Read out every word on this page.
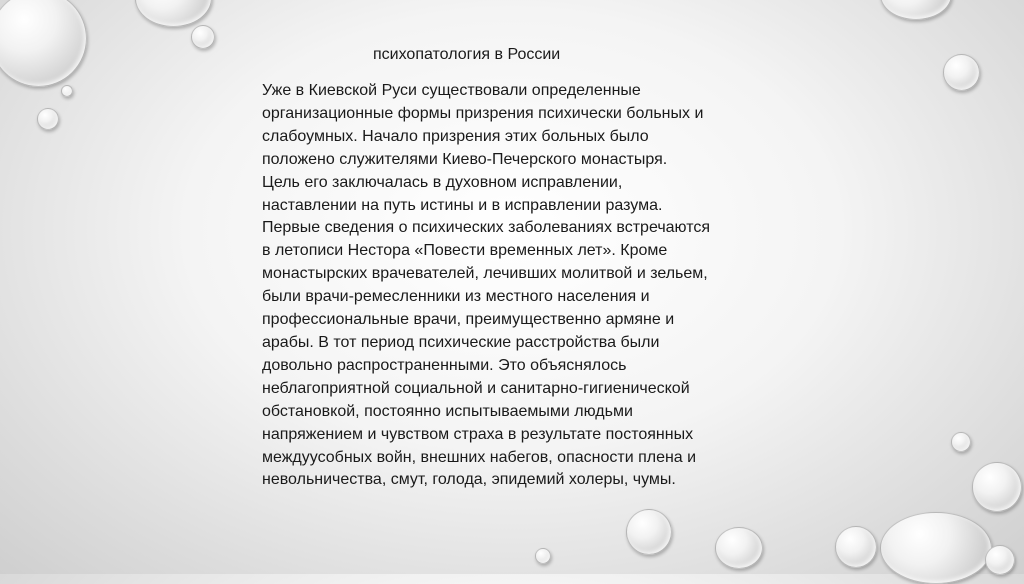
психопатология в России
Уже в Киевской Руси существовали определенные
организационные формы призрения психически больных и
слабоумных. Начало призрения этих больных было
положено служителями Киево-Печерского монастыря.
Цель его заключалась в духовном исправлении,
наставлении на путь истины и в исправлении разума.
Первые сведения о психических заболеваниях встречаются
в летописи Нестора «Повести временных лет». Кроме
монастырских врачевателей, лечивших молитвой и зельем,
были врачи-ремесленники из местного населения и
профессиональные врачи, преимущественно армяне и
арабы. В тот период психические расстройства были
довольно распространенными. Это объяснялось
неблагоприятной социальной и санитарно-гигиенической
обстановкой, постоянно испытываемыми людьми
напряжением и чувством страха в результате постоянных
междуусобных войн, внешних набегов, опасности плена и
невольничества, смут, голода, эпидемий холеры, чумы.
